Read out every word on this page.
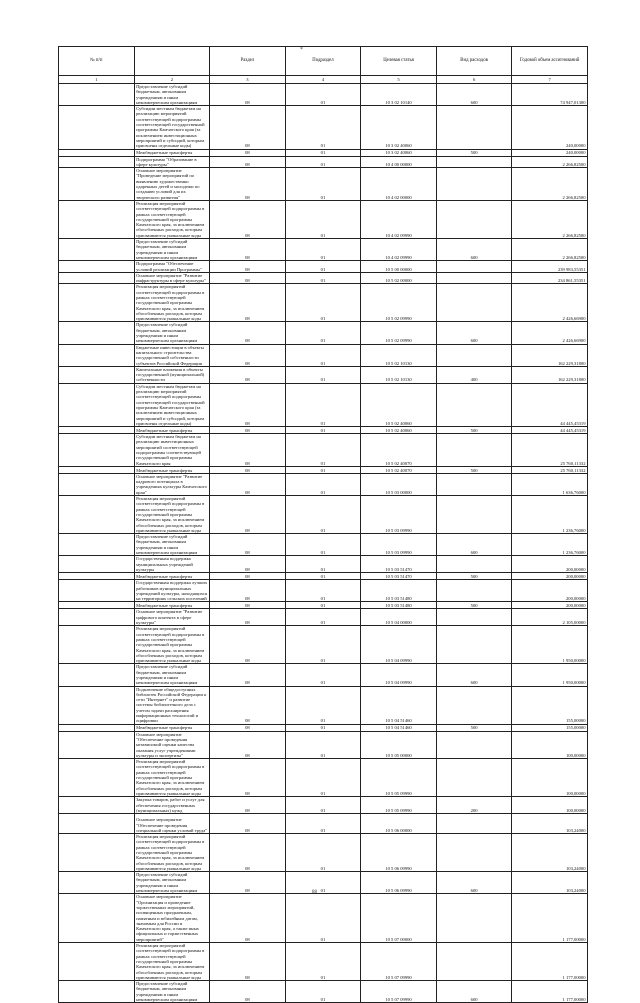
*
№ п/п		Раздел	Подраздел	Целевая статья	Вид расходов	Годовой объем ассигнований
1	2	3	4	5	6	7
	Предоставление субсидий бюджетным, автономным учреждениям и иным некоммерческим организациям	08	01	10 3 02 10140	600	74 947,01300
	Субсидии местным бюджетам на реализацию мероприятий соответствующей подпрограммы соответствующей государственной программы Камчатского края (за исключением инвестиционных мероприятий и субсидий, которым присвоены отдельные коды)	08	01	10 3 02 40060		240,00000
	Межбюджетные трансферты	08	01	10 3 02 40060	500	240,00000
	Подпрограмма "Образование в сфере культуры"	08	01	10 4 00 00000		2 266,82500
	Основное мероприятие "Проведение мероприятий по выявлению художественно одаренных детей и молодежи по созданию условий для их творческого развития"	08	01	10 4 02 00000		2 266,82500
	Реализация мероприятий соответствующей подпрограммы в рамках соответствующей государственной программы Камчатского края, за исключением обособленных расходов, которым присваиваются уникальные коды	08	01	10 4 02 09990		2 266,82500
	Предоставление субсидий бюджетным, автономным учреждениям и иным некоммерческим организациям	08	01	10 4 02 09990	600	2 266,82500
	Подпрограмма "Обеспечение условий реализации Программы"	08	01	10 5 00 00000		239 983,55351
	Основное мероприятие "Развитие инфраструктуры в сфере культуры"	08	01	10 5 02 00000		234 861,55351
	Реализация мероприятий соответствующей подпрограммы в рамках соответствующей государственной программы Камчатского края, за исключением обособленных расходов, которым присваиваются уникальные коды	08	01	10 5 02 09990		2 426,66900
	Предоставление субсидий бюджетным, автономным учреждениям и иным некоммерческим организациям	08	01	10 5 02 09990	600	2 426,66900
	Бюджетные инвестиции в объекты капитального строительства государственной собственности субъектов Российской Федерации	08	01	10 5 02 10130		162 229,31800
	Капитальные вложения в объекты государственной (муниципальной) собственности	08	01	10 5 02 10130	400	162 229,31800
	Субсидии местным бюджетам на реализацию мероприятий соответствующей подпрограммы соответствующей государственной программы Камчатского края (за исключением инвестиционных мероприятий и субсидий, которым присвоены отдельные коды)	08	01	10 5 02 40060		44 445,45319
	Межбюджетные трансферты	08	01	10 5 02 40060	500	44 445,45319
	Субсидии местным бюджетам на реализацию инвестиционных мероприятий соответствующей подпрограммы соответствующей государственной программы Камчатского края	08	01	10 5 02 40070		25 760,11332
	Межбюджетные трансферты	08	01	10 5 02 40070	500	25 760,11332
	Основное мероприятие "Развитие кадрового потенциала в учреждениях культуры Камчатского края"	08	01	10 5 03 00000		1 636,76000
	Реализация мероприятий соответствующей подпрограммы в рамках соответствующей государственной программы Камчатского края, за исключением обособленных расходов, которым присваиваются уникальные коды	08	01	10 5 03 09990		1 236,76000
	Предоставление субсидий бюджетным, автономным учреждениям и иным некоммерческим организациям	08	01	10 5 03 09990	600	1 236,76000
	Государственная поддержка муниципальных учреждений культуры	08	01	10 5 03 51470		200,00000
	Межбюджетные трансферты	08	01	10 5 03 51470	500	200,00000
	Государственная поддержка лучших работников муниципальных учреждений культуры, находящихся на территориях сельских поселений	08	01	10 5 03 51480		200,00000
	Межбюджетные трансферты	08	01	10 5 03 51480	500	200,00000
	Основное мероприятие "Развитие цифрового контента в сфере культуры"	08	01	10 5 04 00000		2 105,00000
	Реализация мероприятий соответствующей подпрограммы в рамках соответствующей государственной программы Камчатского края, за исключением обособленных расходов, которым присваиваются уникальные коды	08	01	10 5 04 09990		1 950,00000
	Предоставление субсидий бюджетным, автономным учреждениям и иным некоммерческим организациям	08	01	10 5 04 09990	600	1 950,00000
	Подключение общедоступных библиотек Российской Федерации к сети "Интернет" и развитие системы библиотечного дела с учетом задачи расширения информационных технологий и оцифровки	08	01	10 5 04 51460		155,00000
	Межбюджетные трансферты	08	01	10 5 04 51460	500	155,00000
	Основное мероприятие "Обеспечение проведения независимой оценки качества оказания услуг учреждениями культуры и экспертизы"	08	01	10 5 05 00000		100,00000
	Реализация мероприятий соответствующей подпрограммы в рамках соответствующей государственной программы Камчатского края, за исключением обособленных расходов, которым присваиваются уникальные коды	08	01	10 5 05 09990		100,00000
	Закупка товаров, работ и услуг для обеспечения государственных (муниципальных) нужд	08	01	10 5 05 09990	200	100,00000
	Основное мероприятие "Обеспечение проведения специальной оценки условий труда"	08	01	10 5 06 00000		103,24000
	Реализация мероприятий соответствующей подпрограммы в рамках соответствующей государственной программы Камчатского края, за исключением обособленных расходов, которым присваиваются уникальные коды	08	01	10 5 06 09990		103,24000
	Предоставление субсидий бюджетным, автономным учреждениям и иным некоммерческим организациям	08	01	10 5 06 09990	600	103,24000
	Основное мероприятие "Организация и проведение торжественных мероприятий, посвященных праздничным, памятным и юбилейным датам, значимым для России и Камчатского края, а также иных официальных и торжественных мероприятий"	08	01	10 5 07 00000		1 177,00000
	Реализация мероприятий соответствующей подпрограммы в рамках соответствующей государственной программы Камчатского края, за исключением обособленных расходов, которым присваиваются уникальные коды	08	01	10 5 07 09990		1 177,00000
	Предоставление субсидий бюджетным, автономным учреждениям и иным некоммерческим организациям	08	01	10 5 07 09990	600	1 177,00000
88
